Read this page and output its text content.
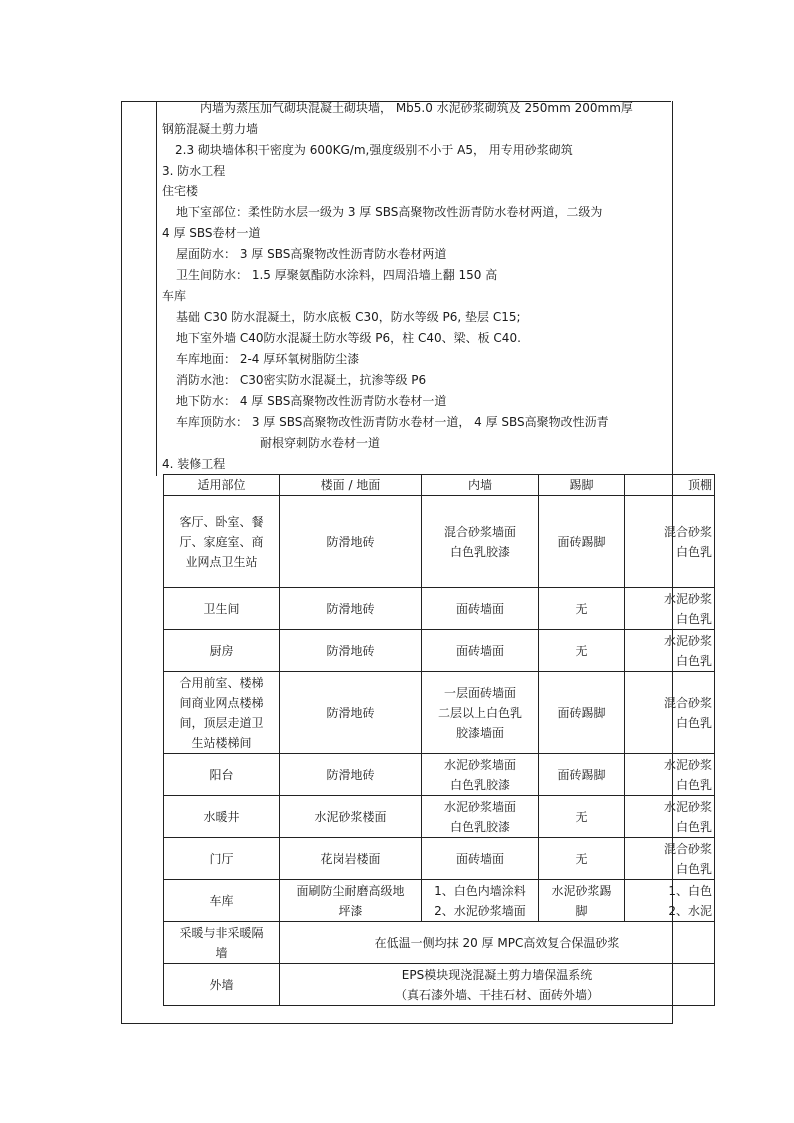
内墙为蒸压加气砌块混凝土砌块墙， Mb5.0 水泥砂浆砌筑及 250mm 200mm厚
钢筋混凝土剪力墙
2.3 砌块墙体积干密度为 600KG/m,强度级别不小于 A5， 用专用砂浆砌筑
3. 防水工程
住宅楼
地下室部位：柔性防水层一级为 3 厚 SBS高聚物改性沥青防水卷材两道，二级为
4 厚 SBS卷材一道
屋面防水： 3 厚 SBS高聚物改性沥青防水卷材两道
卫生间防水： 1.5 厚聚氨酯防水涂料，四周沿墙上翻 150 高
车库
基础 C30 防水混凝土，防水底板 C30，防水等级 P6, 垫层 C15;
地下室外墙 C40防水混凝土防水等级 P6，柱 C40、梁、板 C40.
车库地面： 2-4 厚环氧树脂防尘漆
消防水池： C30密实防水混凝土，抗渗等级 P6
地下防水： 4 厚 SBS高聚物改性沥青防水卷材一道
车库顶防水： 3 厚 SBS高聚物改性沥青防水卷材一道， 4 厚 SBS高聚物改性沥青
耐根穿刺防水卷材一道
4. 装修工程
适用部位	楼面 / 地面	内墙	踢脚	顶棚

客厅、卧室、餐
厅、家庭室、商
业网点卫生站	防滑地砖	混合砂浆墙面
白色乳胶漆	面砖踢脚	混合砂浆
白色乳

卫生间	防滑地砖	面砖墙面	无	水泥砂浆
白色乳

厨房	防滑地砖	面砖墙面	无	水泥砂浆
白色乳

合用前室、楼梯
间商业网点楼梯
间，顶层走道卫
生站楼梯间	防滑地砖	一层面砖墙面
二层以上白色乳
胶漆墙面	面砖踢脚	混合砂浆
白色乳

阳台	防滑地砖	水泥砂浆墙面
白色乳胶漆	面砖踢脚	水泥砂浆
白色乳

水暖井	水泥砂浆楼面	水泥砂浆墙面
白色乳胶漆	无	水泥砂浆
白色乳

门厅	花岗岩楼面	面砖墙面	无	混合砂浆
白色乳

车库	面刷防尘耐磨高级地
坪漆	1、白色内墙涂料
2、水泥砂浆墙面	水泥砂浆踢
脚	1、白色
2、水泥

采暖与非采暖隔
墙	在低温一侧均抹 20 厚 MPC高效复合保温砂浆			

外墙	EPS模块现浇混凝土剪力墙保温系统
（真石漆外墙、干挂石材、面砖外墙）			
